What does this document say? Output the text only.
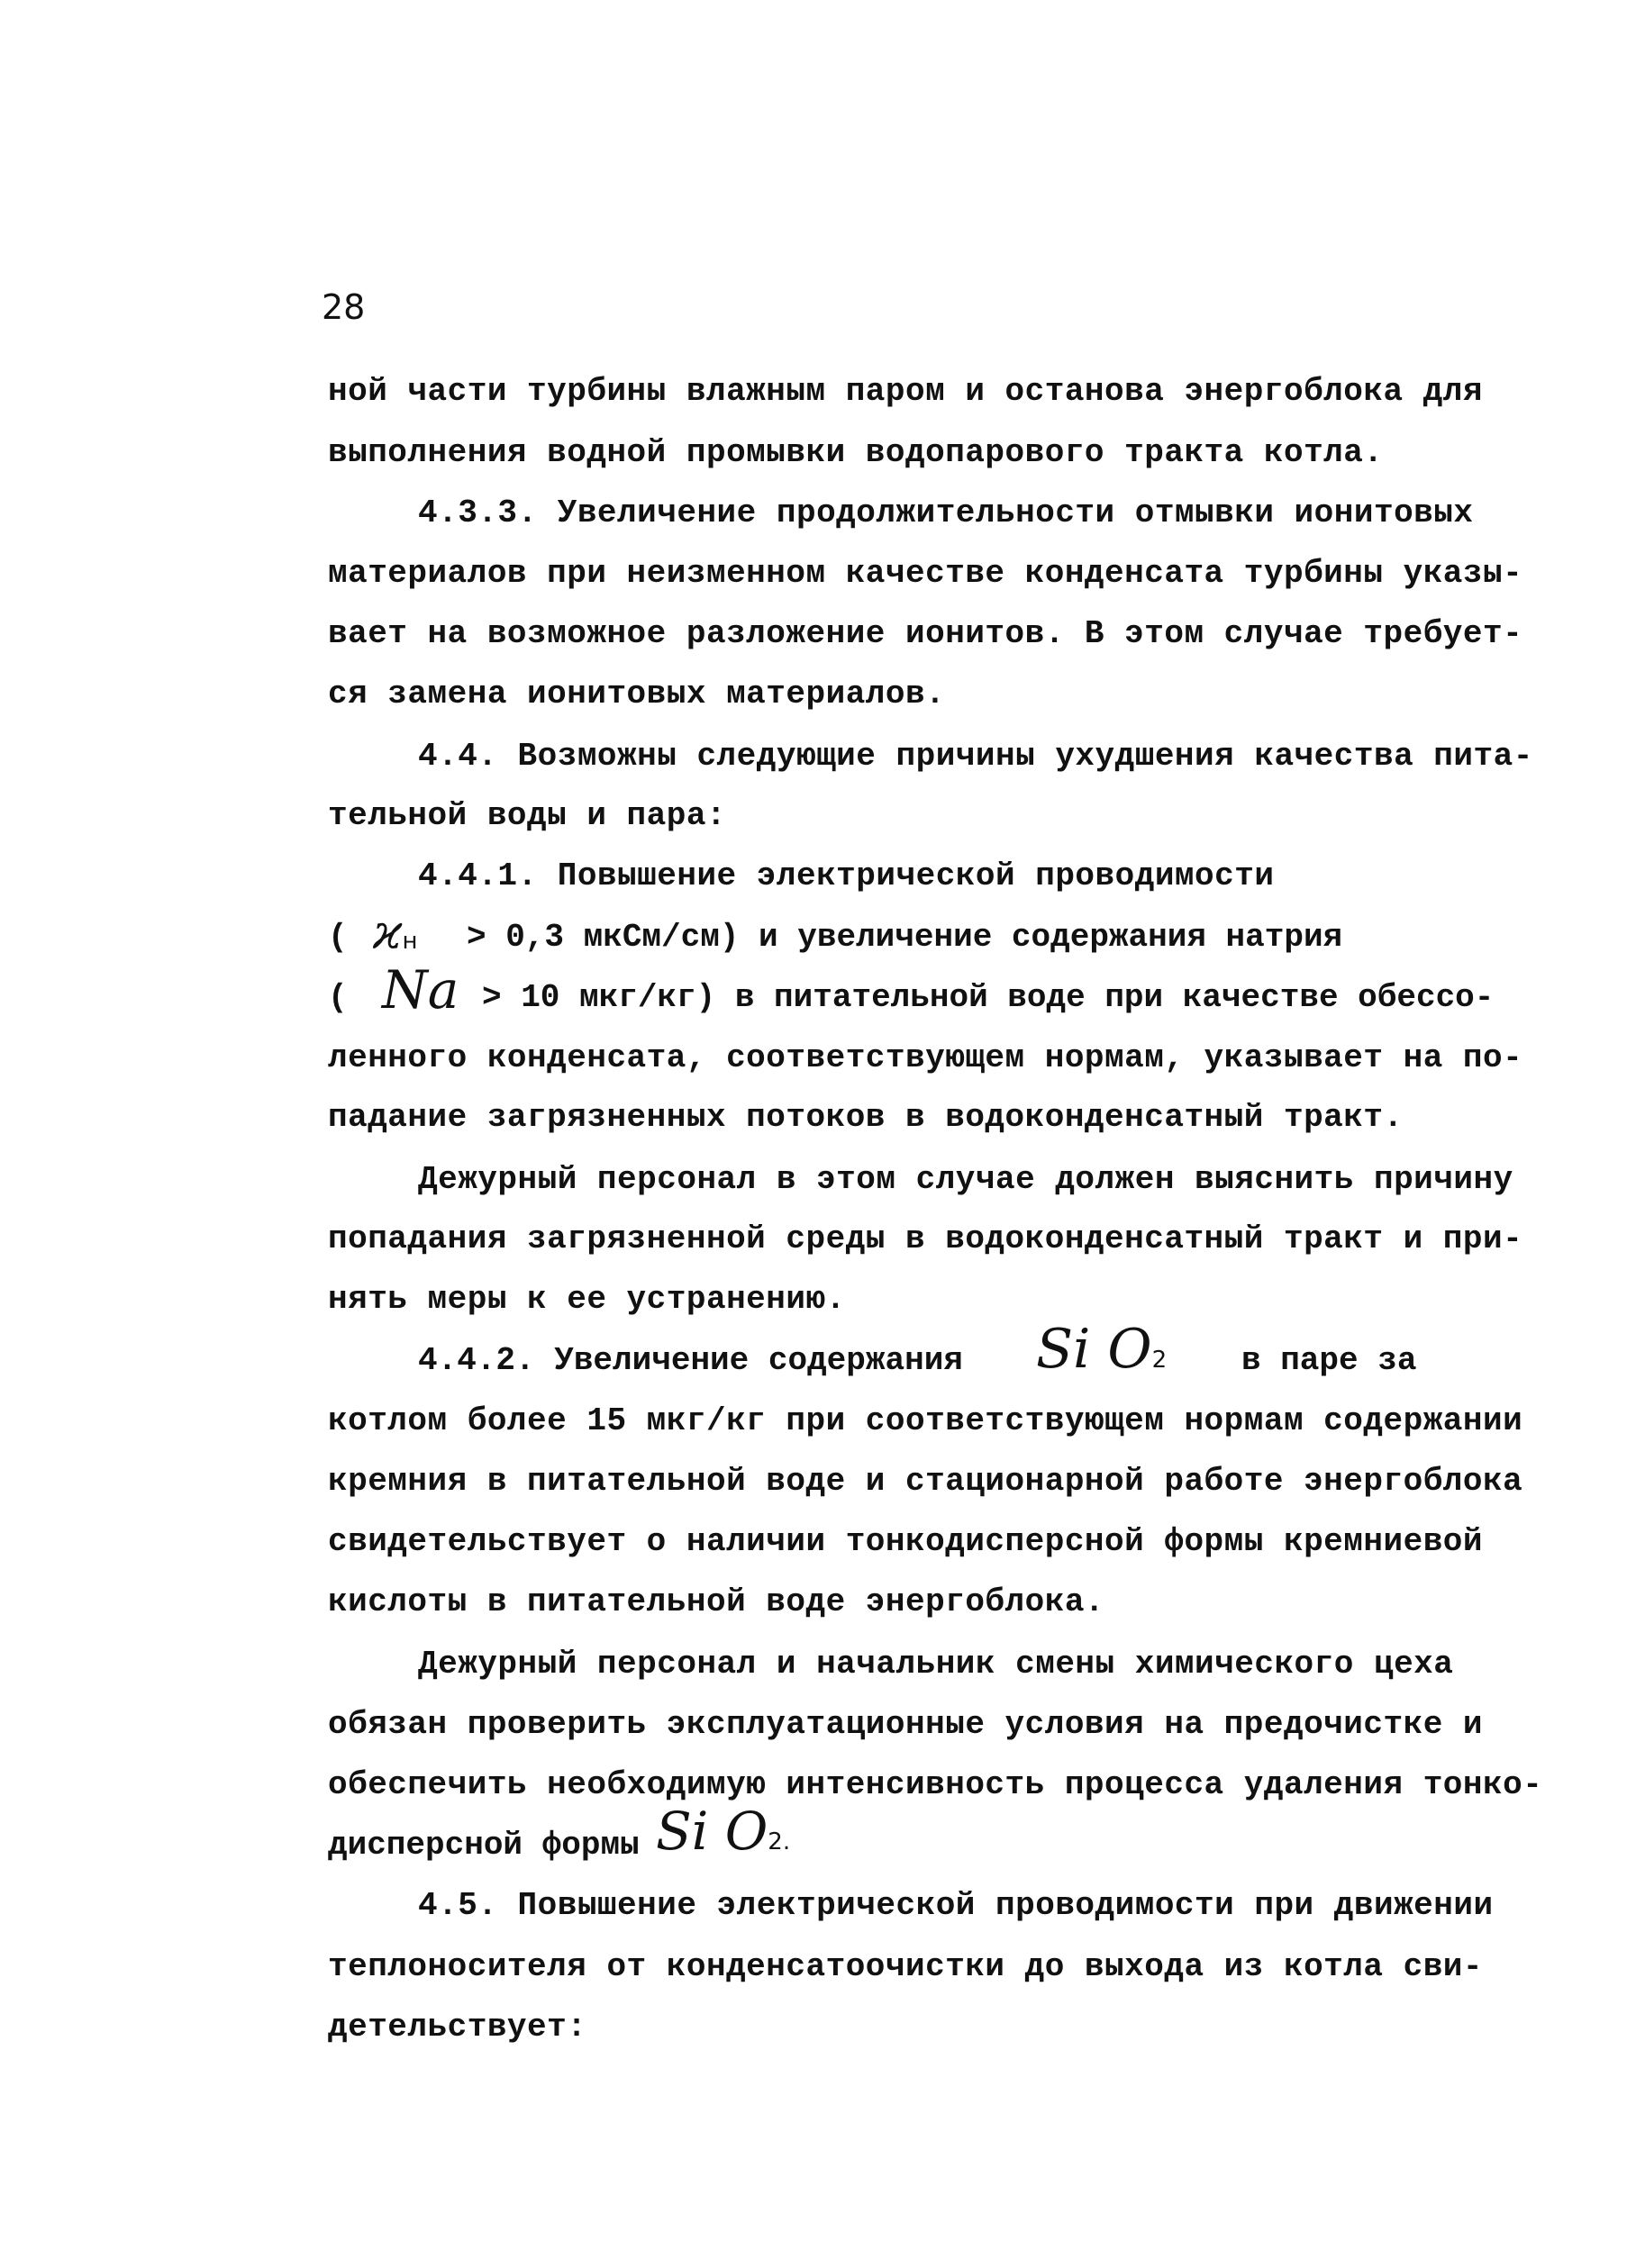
28
ной части турбины влажным паром и останова энергоблока для
выполнения водной промывки водопарового тракта котла.
4.3.3. Увеличение продолжительности отмывки ионитовых
материалов при неизменном качестве конденсата турбины указы-
вает на возможное разложение ионитов. В этом случае требует-
ся замена ионитовых материалов.
4.4. Возможны следующие причины ухудшения качества пита-
тельной воды и пара:
4.4.1. Повышение электрической проводимости
( ϰн > 0,3 мкСм/см) и увеличение содержания натрия
( Na > 10 мкг/кг) в питательной воде при качестве обессо-
ленного конденсата, соответствующем нормам, указывает на по-
падание загрязненных потоков в водоконденсатный тракт.
Дежурный персонал в этом случае должен выяснить причину
попадания загрязненной среды в водоконденсатный тракт и при-
нять меры к ее устранению.
4.4.2. Увеличение содержания Si O2 в паре за
котлом более 15 мкг/кг при соответствующем нормам содержании
кремния в питательной воде и стационарной работе энергоблока
свидетельствует о наличии тонкодисперсной формы кремниевой
кислоты в питательной воде энергоблока.
Дежурный персонал и начальник смены химического цеха
обязан проверить эксплуатационные условия на предочистке и
обеспечить необходимую интенсивность процесса удаления тонко-
дисперсной формы Si O2.
4.5. Повышение электрической проводимости при движении
теплоносителя от конденсатоочистки до выхода из котла сви-
детельствует:
